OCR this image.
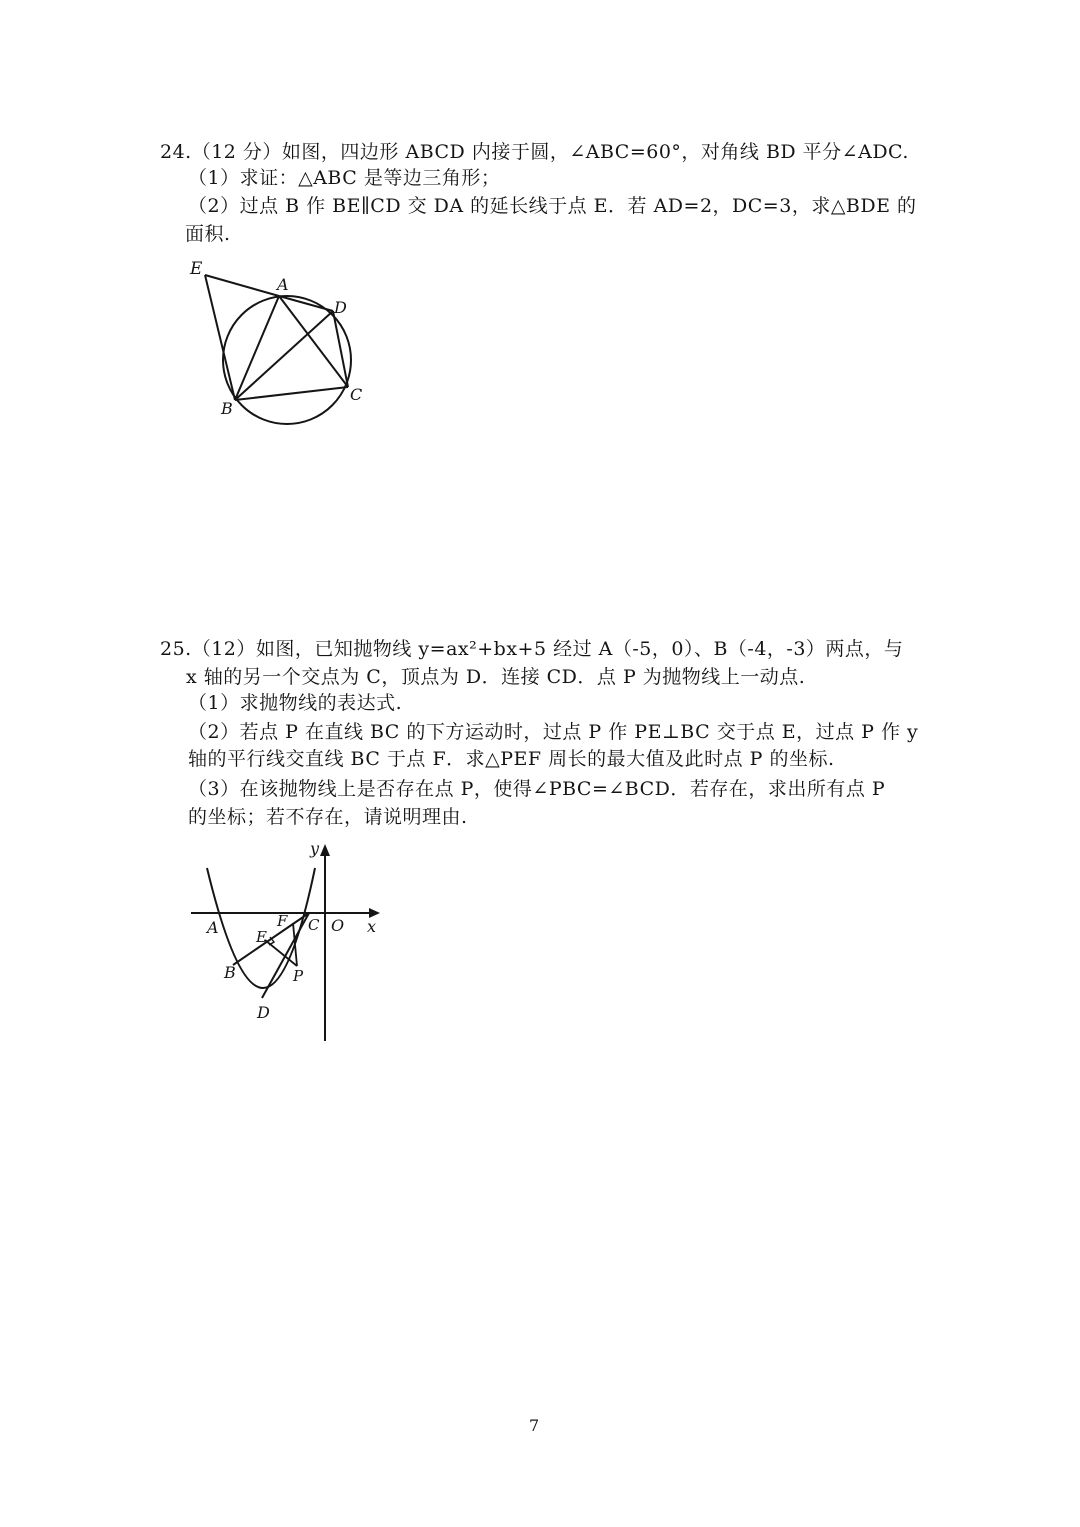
24.（12 分）如图，四边形 ABCD 内接于圆，∠ABC=60°，对角线 BD 平分∠ADC.
（1）求证：△ABC 是等边三角形；
（2）过点 B 作 BE∥CD 交 DA 的延长线于点 E．若 AD=2，DC=3，求△BDE 的
面积.
E
A
D
B
C
25.（12）如图，已知抛物线 y=ax²+bx+5 经过 A（-5，0）、B（-4，-3）两点，与
x 轴的另一个交点为 C，顶点为 D．连接 CD．点 P 为抛物线上一动点.
（1）求抛物线的表达式.
（2）若点 P 在直线 BC 的下方运动时，过点 P 作 PE⊥BC 交于点 E，过点 P 作 y
轴的平行线交直线 BC 于点 F．求△PEF 周长的最大值及此时点 P 的坐标.
（3）在该抛物线上是否存在点 P，使得∠PBC=∠BCD．若存在，求出所有点 P
的坐标；若不存在，请说明理由.
y
x
A E
F C O
B	P
D
7
